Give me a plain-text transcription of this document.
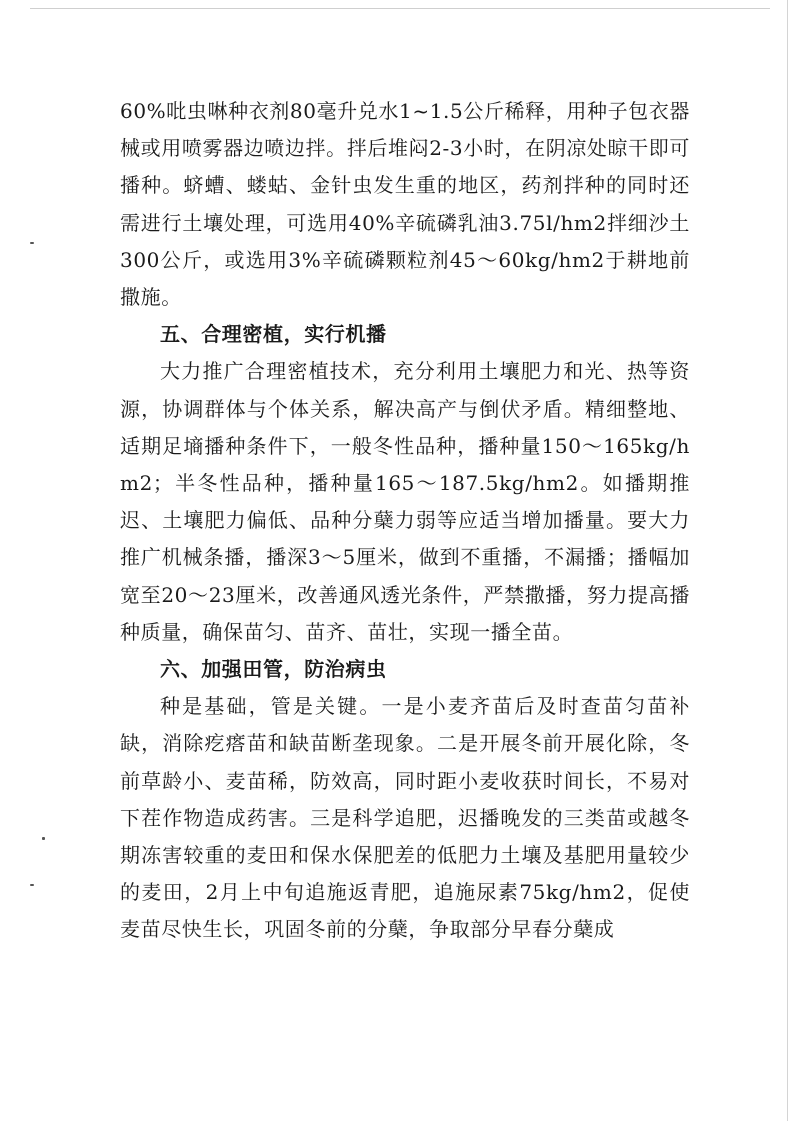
60%吡虫啉种衣剂80毫升兑水1~1.5公斤稀释，用种子包衣器械或用喷雾器边喷边拌。拌后堆闷2-3小时，在阴凉处晾干即可播种。蛴螬、蝼蛄、金针虫发生重的地区，药剂拌种的同时还需进行土壤处理，可选用40%辛硫磷乳油3.75l/hm2拌细沙土300公斤，或选用3%辛硫磷颗粒剂45～60kg/hm2于耕地前撒施。

五、合理密植，实行机播

大力推广合理密植技术，充分利用土壤肥力和光、热等资源，协调群体与个体关系，解决高产与倒伏矛盾。精细整地、适期足墒播种条件下，一般冬性品种，播种量150～165kg/hm2；半冬性品种，播种量165～187.5kg/hm2。如播期推迟、土壤肥力偏低、品种分蘖力弱等应适当增加播量。要大力推广机械条播，播深3～5厘米，做到不重播，不漏播；播幅加宽至20～23厘米，改善通风透光条件，严禁撒播，努力提高播种质量，确保苗匀、苗齐、苗壮，实现一播全苗。

六、加强田管，防治病虫

种是基础，管是关键。一是小麦齐苗后及时查苗匀苗补缺，消除疙瘩苗和缺苗断垄现象。二是开展冬前开展化除，冬前草龄小、麦苗稀，防效高，同时距小麦收获时间长，不易对下茬作物造成药害。三是科学追肥，迟播晚发的三类苗或越冬期冻害较重的麦田和保水保肥差的低肥力土壤及基肥用量较少的麦田，2月上中旬追施返青肥，追施尿素75kg/hm2，促使麦苗尽快生长，巩固冬前的分蘖，争取部分早春分蘖成
